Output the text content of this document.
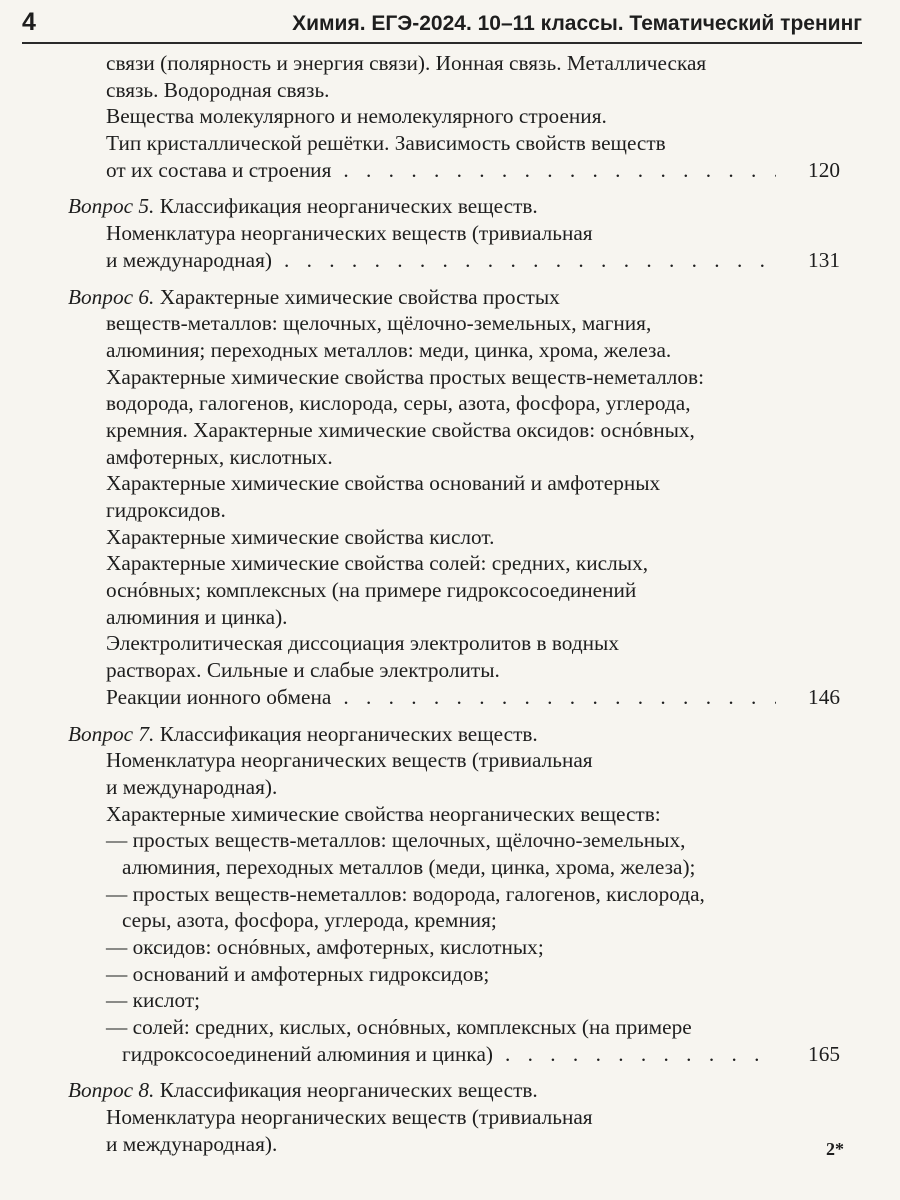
4	Химия. ЕГЭ-2024. 10–11 классы. Тематический тренинг
связи (полярность и энергия связи). Ионная связь. Металлическая
связь. Водородная связь.
Вещества молекулярного и немолекулярного строения.
Тип кристаллической решётки. Зависимость свойств веществ
от их состава и строения . . .	120
Вопрос 5. Классификация неорганических веществ.
Номенклатура неорганических веществ (тривиальная
и международная) . . .	131
Вопрос 6. Характерные химические свойства простых
веществ-металлов: щелочных, щёлочно-земельных, магния,
алюминия; переходных металлов: меди, цинка, хрома, железа.
Характерные химические свойства простых веществ-неметаллов:
водорода, галогенов, кислорода, серы, азота, фосфора, углерода,
кремния. Характерные химические свойства оксидов: оснóвных,
амфотерных, кислотных.
Характерные химические свойства оснований и амфотерных
гидроксидов.
Характерные химические свойства кислот.
Характерные химические свойства солей: средних, кислых,
оснóвных; комплексных (на примере гидроксосоединений
алюминия и цинка).
Электролитическая диссоциация электролитов в водных
растворах. Сильные и слабые электролиты.
Реакции ионного обмена . . .	146
Вопрос 7. Классификация неорганических веществ.
Номенклатура неорганических веществ (тривиальная
и международная).
Характерные химические свойства неорганических веществ:
— простых веществ-металлов: щелочных, щёлочно-земельных,
алюминия, переходных металлов (меди, цинка, хрома, железа);
— простых веществ-неметаллов: водорода, галогенов, кислорода,
серы, азота, фосфора, углерода, кремния;
— оксидов: оснóвных, амфотерных, кислотных;
— оснований и амфотерных гидроксидов;
— кислот;
— солей: средних, кислых, оснóвных, комплексных (на примере
гидроксосоединений алюминия и цинка) . . .	165
Вопрос 8. Классификация неорганических веществ.
Номенклатура неорганических веществ (тривиальная
и международная).	2*
